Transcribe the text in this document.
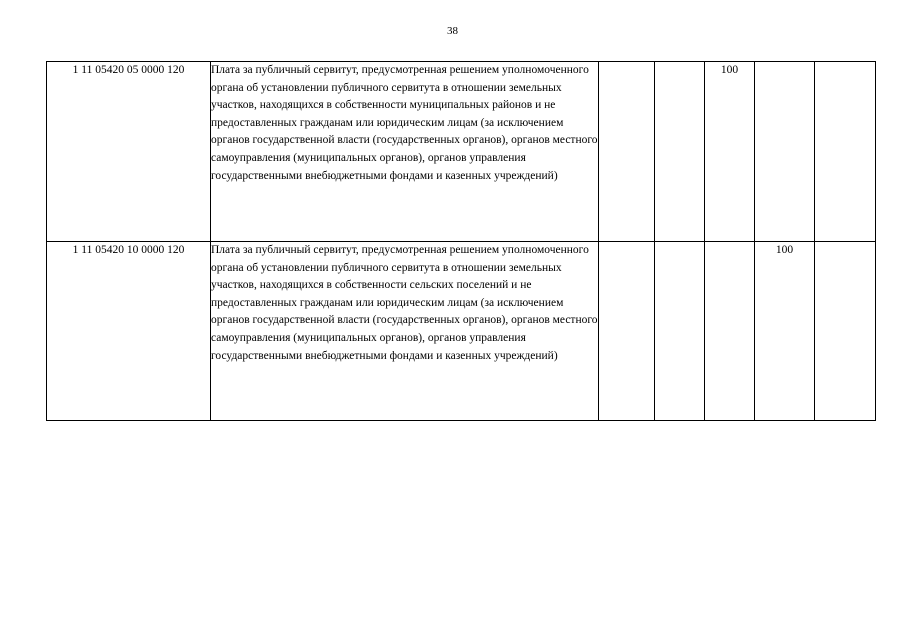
38
1 11 05420 05 0000 120	Плата за публичный сервитут, предусмотренная решением уполномоченного органа об установлении публичного сервитута в отношении земельных участков, находящихся в собственности муниципальных районов и не предоставленных гражданам или юридическим лицам (за исключением органов государственной власти (государственных органов), органов местного самоуправления (муниципальных органов), органов управления государственными внебюджетными фондами и казенных учреждений)			100		
1 11 05420 10 0000 120	Плата за публичный сервитут, предусмотренная решением уполномоченного органа об установлении публичного сервитута в отношении земельных участков, находящихся в собственности сельских поселений и не предоставленных гражданам или юридическим лицам (за исключением органов государственной власти (государственных органов), органов местного самоуправления (муниципальных органов), органов управления государственными внебюджетными фондами и казенных учреждений)				100	
